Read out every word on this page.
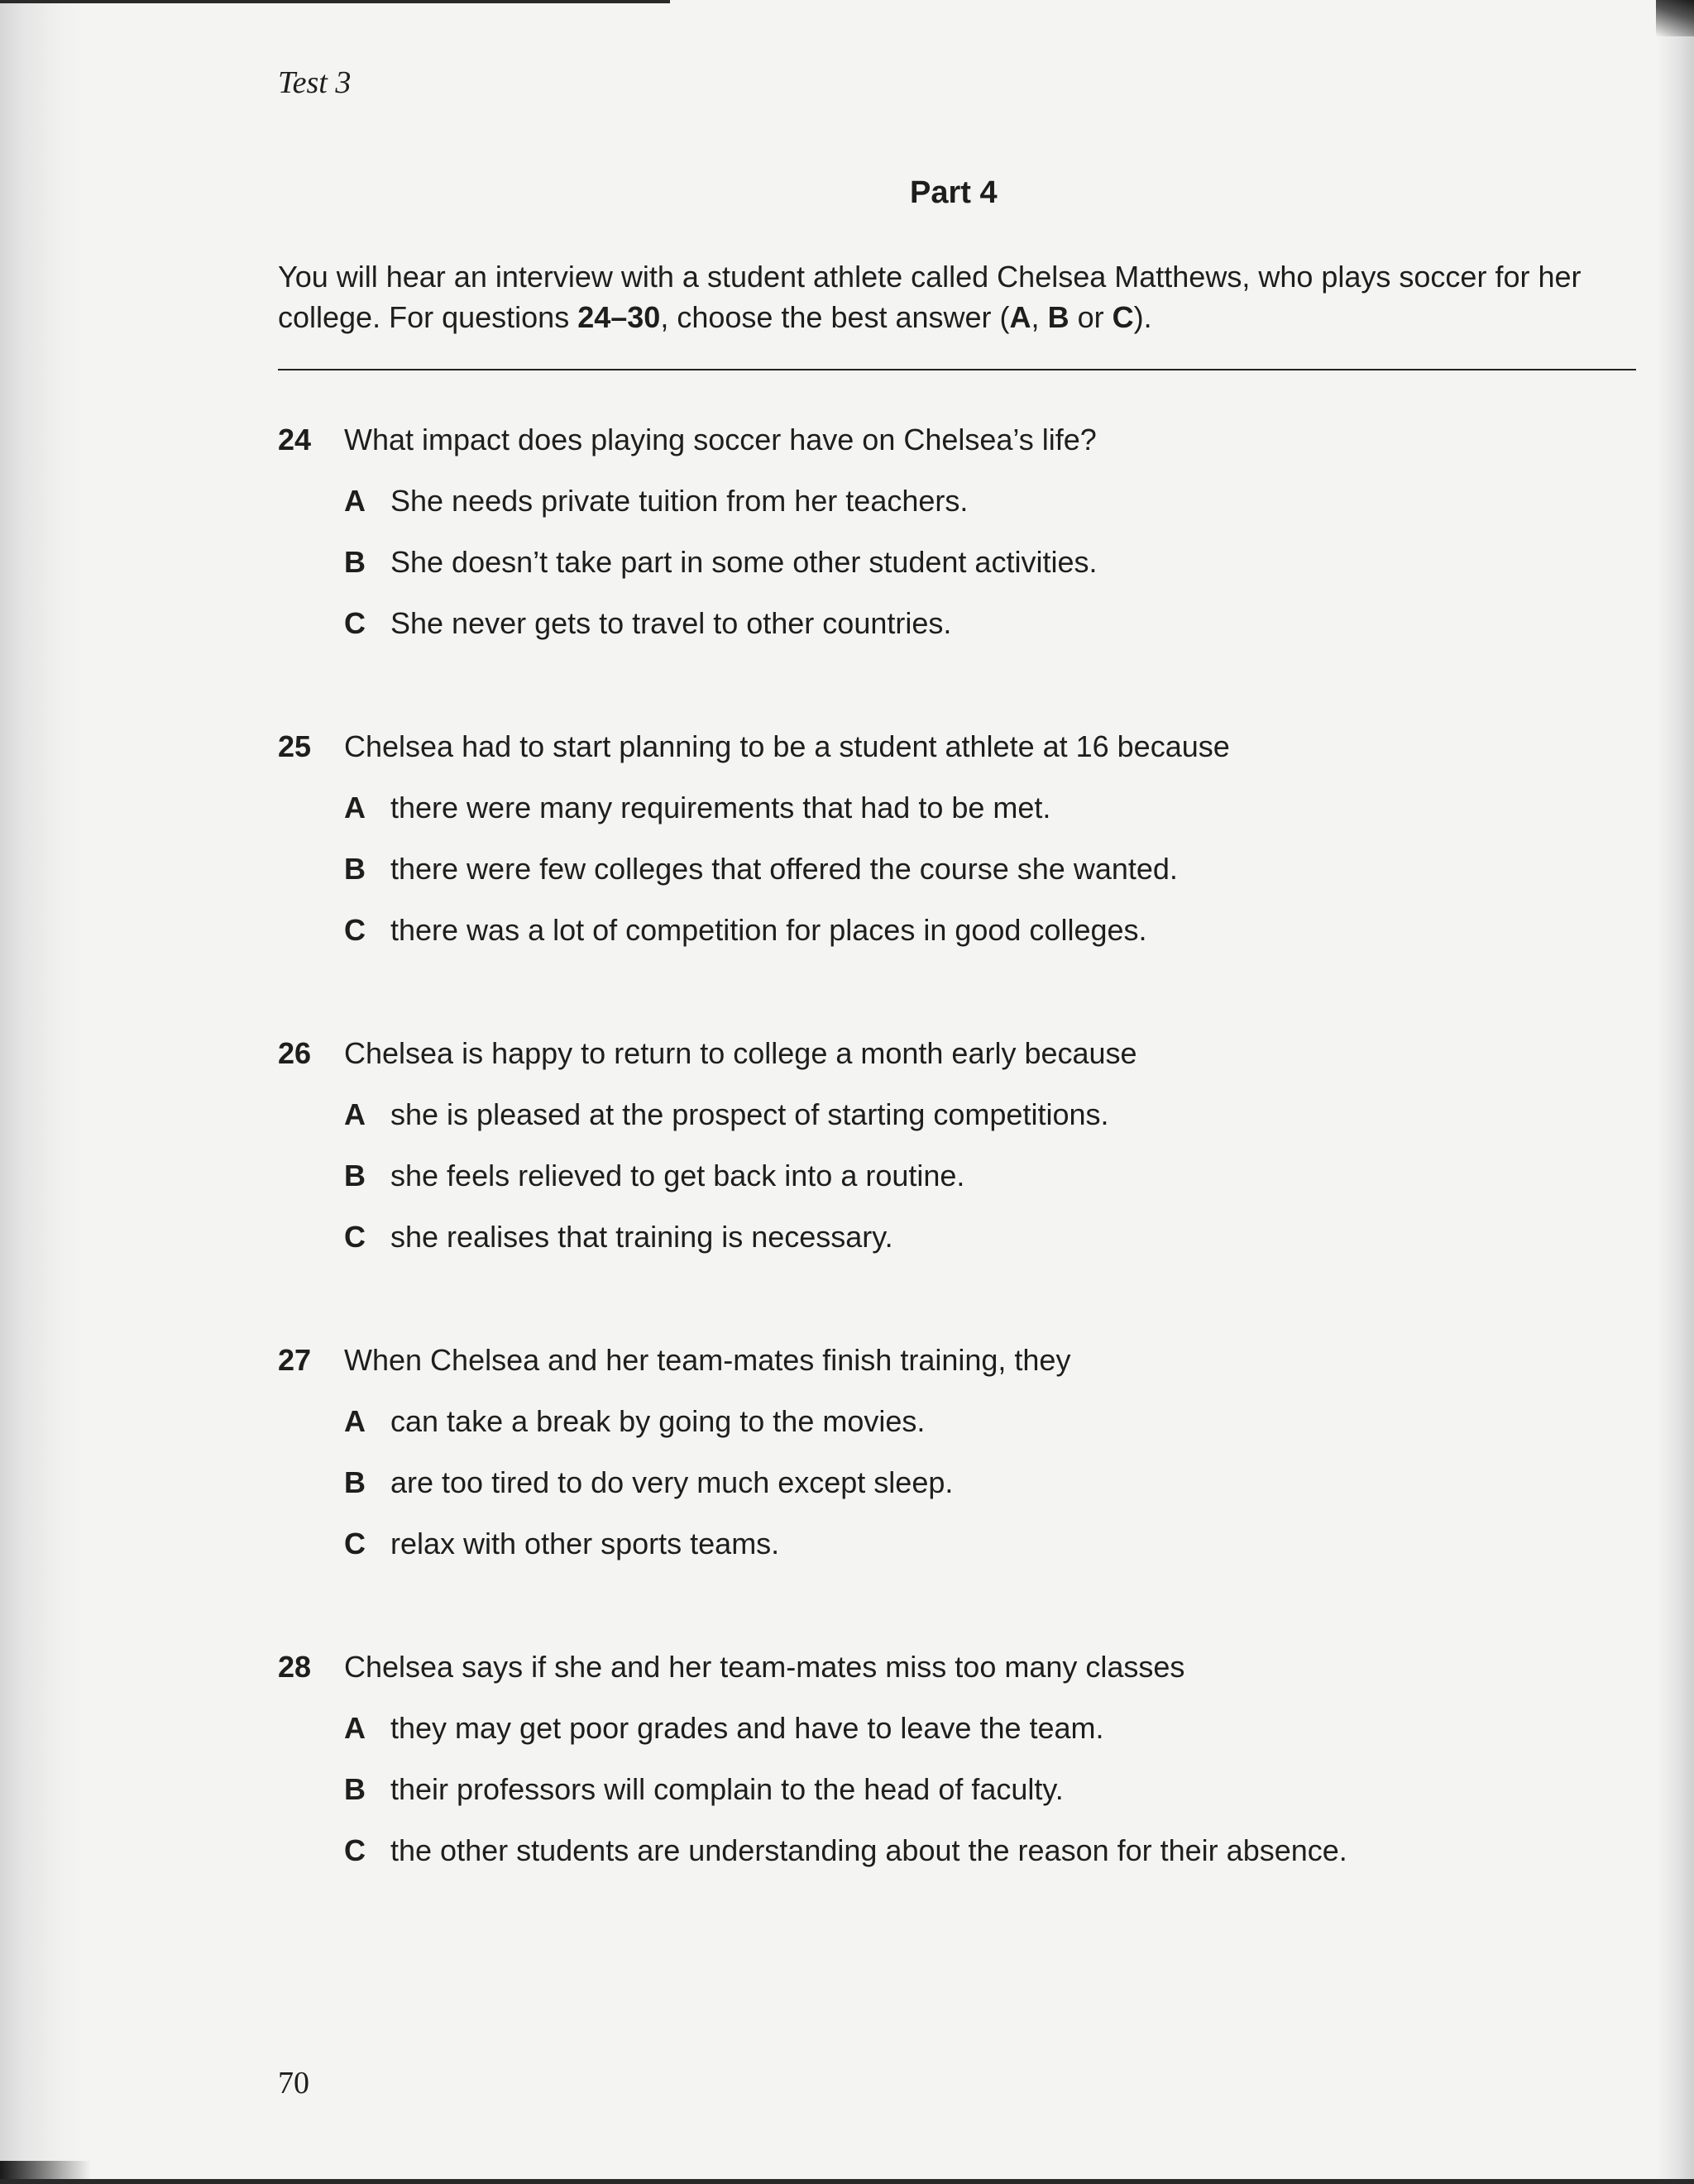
Test 3

Part 4

You will hear an interview with a student athlete called Chelsea Matthews, who plays soccer for her
college. For questions 24–30, choose the best answer (A, B or C).

24 What impact does playing soccer have on Chelsea’s life?
A She needs private tuition from her teachers.
B She doesn’t take part in some other student activities.
C She never gets to travel to other countries.
25 Chelsea had to start planning to be a student athlete at 16 because
A there were many requirements that had to be met.
B there were few colleges that offered the course she wanted.
C there was a lot of competition for places in good colleges.
26 Chelsea is happy to return to college a month early because
A she is pleased at the prospect of starting competitions.
B she feels relieved to get back into a routine.
C she realises that training is necessary.
27 When Chelsea and her team-mates finish training, they
A can take a break by going to the movies.
B are too tired to do very much except sleep.
C relax with other sports teams.
28 Chelsea says if she and her team-mates miss too many classes
A they may get poor grades and have to leave the team.
B their professors will complain to the head of faculty.
C the other students are understanding about the reason for their absence.

70
